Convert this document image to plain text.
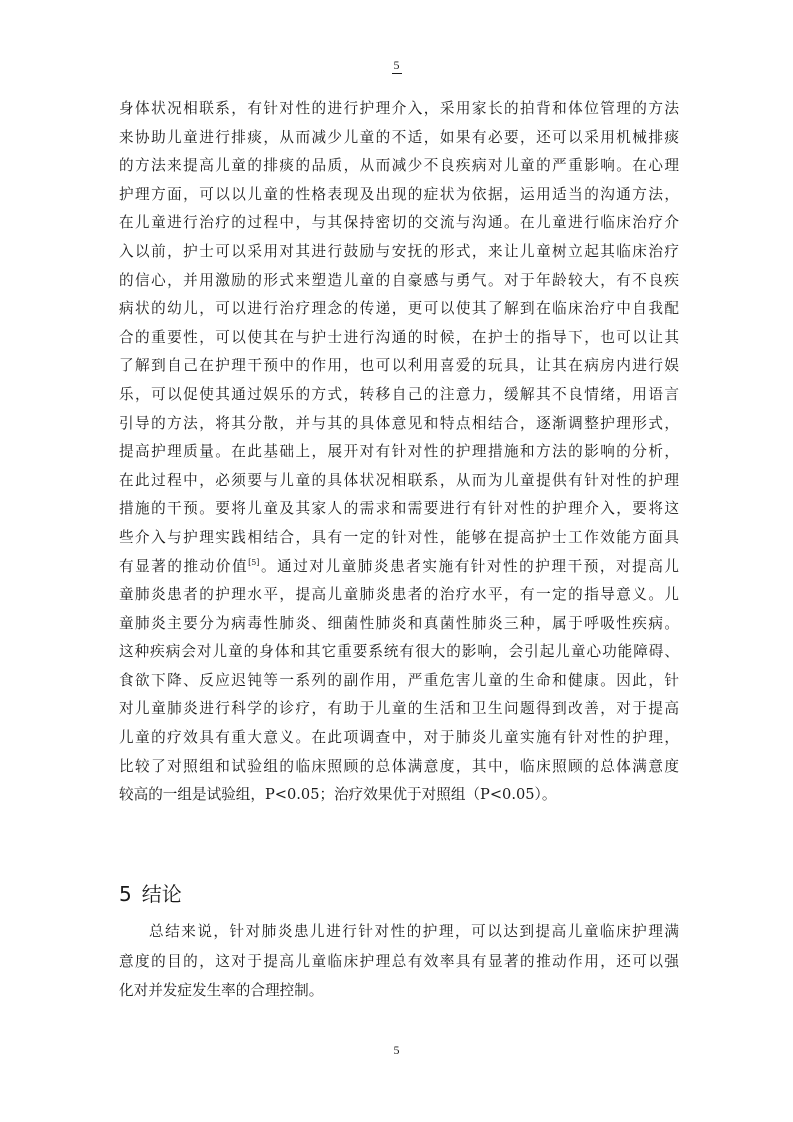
5
身体状况相联系，有针对性的进行护理介入，采用家长的拍背和体位管理的方法
来协助儿童进行排痰，从而减少儿童的不适，如果有必要，还可以采用机械排痰
的方法来提高儿童的排痰的品质，从而减少不良疾病对儿童的严重影响。在心理
护理方面，可以以儿童的性格表现及出现的症状为依据，运用适当的沟通方法，
在儿童进行治疗的过程中，与其保持密切的交流与沟通。在儿童进行临床治疗介
入以前，护士可以采用对其进行鼓励与安抚的形式，来让儿童树立起其临床治疗
的信心，并用激励的形式来塑造儿童的自豪感与勇气。对于年龄较大，有不良疾
病状的幼儿，可以进行治疗理念的传递，更可以使其了解到在临床治疗中自我配
合的重要性，可以使其在与护士进行沟通的时候，在护士的指导下，也可以让其
了解到自己在护理干预中的作用，也可以利用喜爱的玩具，让其在病房内进行娱
乐，可以促使其通过娱乐的方式，转移自己的注意力，缓解其不良情绪，用语言
引导的方法，将其分散，并与其的具体意见和特点相结合，逐渐调整护理形式，
提高护理质量。在此基础上，展开对有针对性的护理措施和方法的影响的分析，
在此过程中，必须要与儿童的具体状况相联系，从而为儿童提供有针对性的护理
措施的干预。要将儿童及其家人的需求和需要进行有针对性的护理介入，要将这
些介入与护理实践相结合，具有一定的针对性，能够在提高护士工作效能方面具
有显著的推动价值[5]。通过对儿童肺炎患者实施有针对性的护理干预，对提高儿
童肺炎患者的护理水平，提高儿童肺炎患者的治疗水平，有一定的指导意义。儿
童肺炎主要分为病毒性肺炎、细菌性肺炎和真菌性肺炎三种，属于呼吸性疾病。
这种疾病会对儿童的身体和其它重要系统有很大的影响，会引起儿童心功能障碍、
食欲下降、反应迟钝等一系列的副作用，严重危害儿童的生命和健康。因此，针
对儿童肺炎进行科学的诊疗，有助于儿童的生活和卫生问题得到改善，对于提高
儿童的疗效具有重大意义。在此项调查中，对于肺炎儿童实施有针对性的护理，
比较了对照组和试验组的临床照顾的总体满意度，其中，临床照顾的总体满意度
较高的一组是试验组，P<0.05；治疗效果优于对照组（P<0.05）。
5 结论
总结来说，针对肺炎患儿进行针对性的护理，可以达到提高儿童临床护理满
意度的目的，这对于提高儿童临床护理总有效率具有显著的推动作用，还可以强
化对并发症发生率的合理控制。
5
